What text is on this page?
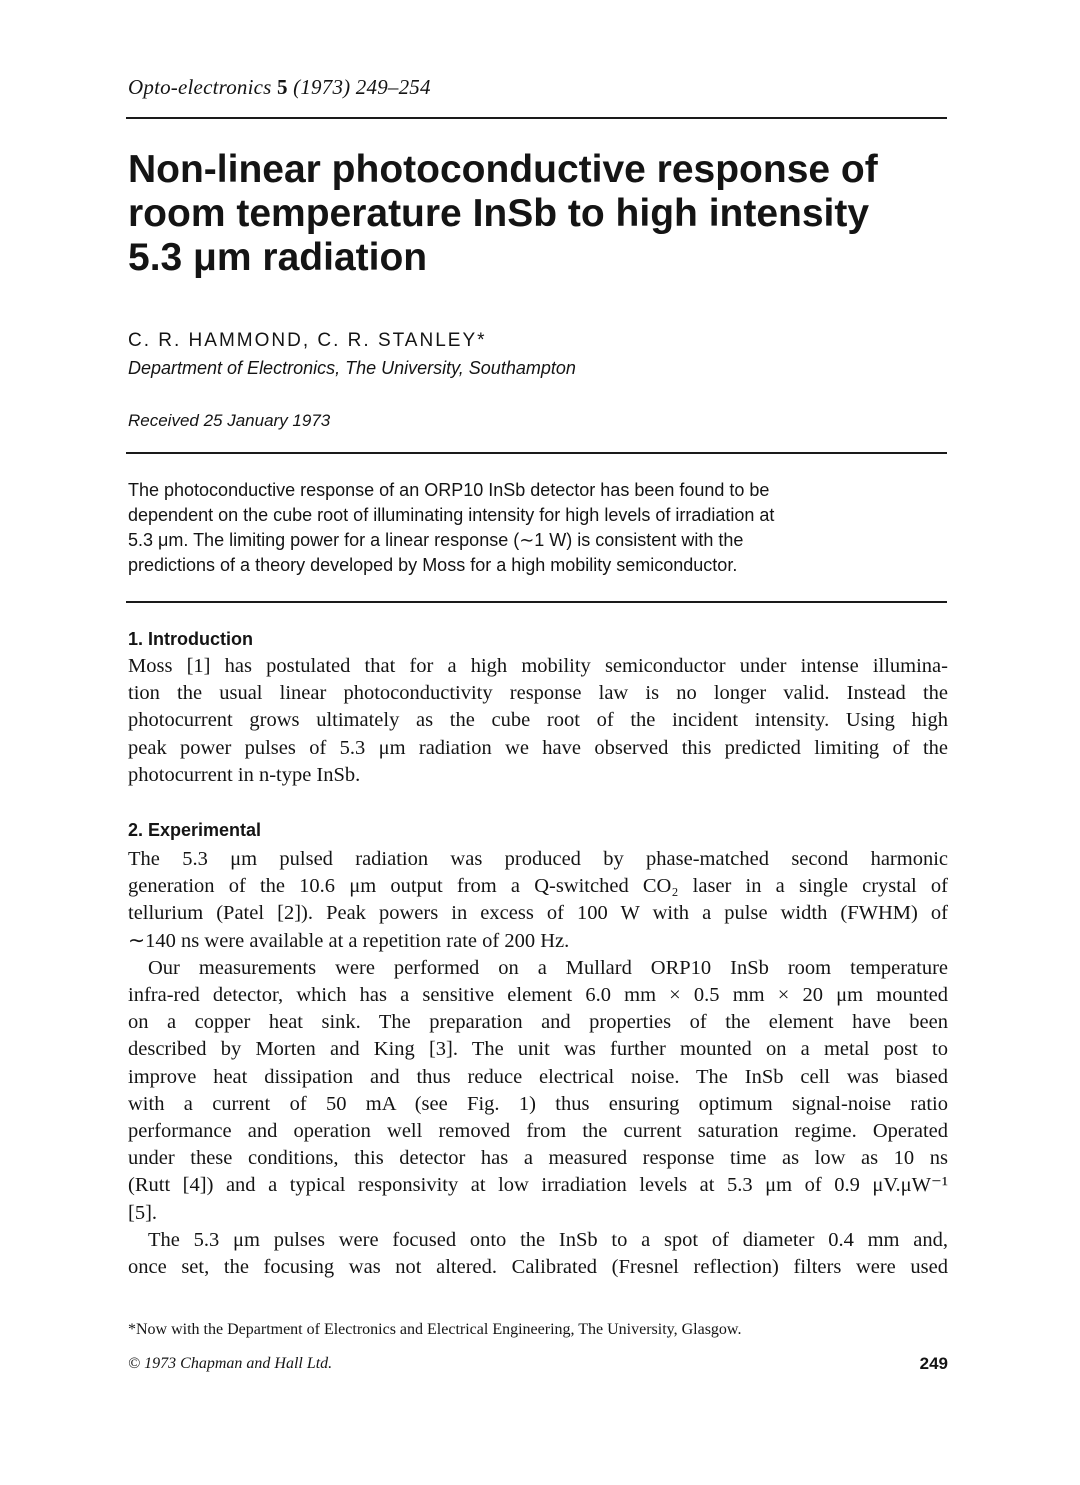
Opto-electronics 5 (1973) 249–254
Non-linear photoconductive response of
room temperature InSb to high intensity
5.3 μm radiation
C. R. HAMMOND, C. R. STANLEY*
Department of Electronics, The University, Southampton
Received 25 January 1973
The photoconductive response of an ORP10 InSb detector has been found to be
dependent on the cube root of illuminating intensity for high levels of irradiation at
5.3 μm. The limiting power for a linear response (∼1 W) is consistent with the
predictions of a theory developed by Moss for a high mobility semiconductor.
1. Introduction
Moss [1] has postulated that for a high mobility semiconductor under intense illumina-
tion the usual linear photoconductivity response law is no longer valid. Instead the
photocurrent grows ultimately as the cube root of the incident intensity. Using high
peak power pulses of 5.3 μm radiation we have observed this predicted limiting of the
photocurrent in n-type InSb.
2. Experimental
The 5.3 μm pulsed radiation was produced by phase-matched second harmonic
generation of the 10.6 μm output from a Q-switched CO₂ laser in a single crystal of
tellurium (Patel [2]). Peak powers in excess of 100 W with a pulse width (FWHM) of
∼140 ns were available at a repetition rate of 200 Hz.
Our measurements were performed on a Mullard ORP10 InSb room temperature
infra-red detector, which has a sensitive element 6.0 mm × 0.5 mm × 20 μm mounted
on a copper heat sink. The preparation and properties of the element have been
described by Morten and King [3]. The unit was further mounted on a metal post to
improve heat dissipation and thus reduce electrical noise. The InSb cell was biased
with a current of 50 mA (see Fig. 1) thus ensuring optimum signal-noise ratio
performance and operation well removed from the current saturation regime. Operated
under these conditions, this detector has a measured response time as low as 10 ns
(Rutt [4]) and a typical responsivity at low irradiation levels at 5.3 μm of 0.9 μV.μW⁻¹
[5].
The 5.3 μm pulses were focused onto the InSb to a spot of diameter 0.4 mm and,
once set, the focusing was not altered. Calibrated (Fresnel reflection) filters were used
*Now with the Department of Electronics and Electrical Engineering, The University, Glasgow.
© 1973 Chapman and Hall Ltd.	249
